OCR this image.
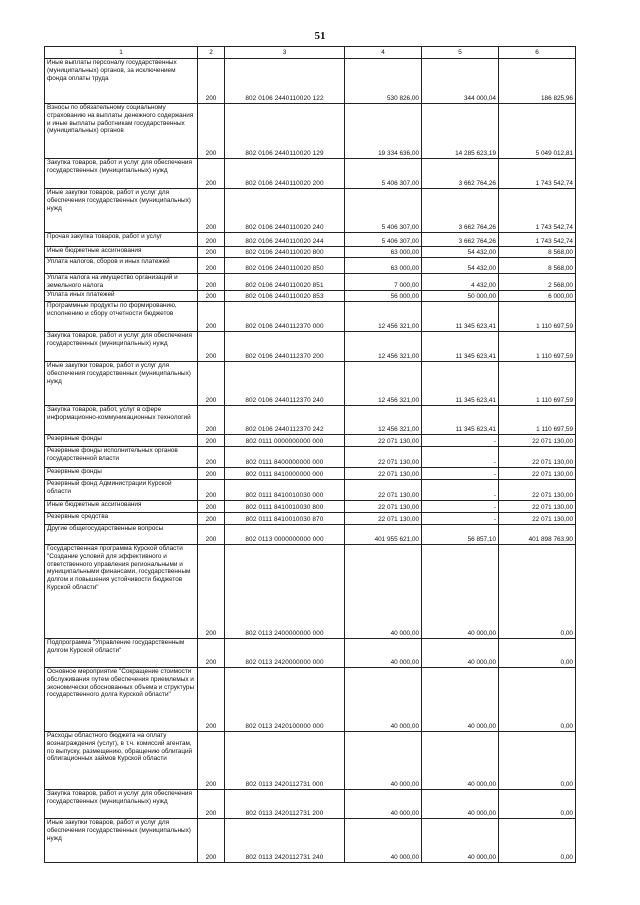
51
1	2	3	4	5	6
Иные выплаты персоналу государственных (муниципальных) органов, за исключением фонда оплаты труда	200	802 0106 2440110020 122	530 826,00	344 000,04	186 825,96
Взносы по обязательному социальному страхованию на выплаты денежного содержания и иные выплаты работникам государственных (муниципальных) органов	200	802 0106 2440110020 129	19 334 636,00	14 285 623,19	5 049 012,81
Закупка товаров, работ и услуг для обеспечения государственных (муниципальных) нужд	200	802 0106 2440110020 200	5 406 307,00	3 662 764,26	1 743 542,74
Иные закупки товаров, работ и услуг для обеспечения государственных (муниципальных) нужд	200	802 0106 2440110020 240	5 406 307,00	3 662 764,26	1 743 542,74
Прочая закупка товаров, работ и услуг	200	802 0106 2440110020 244	5 406 307,00	3 662 764,26	1 743 542,74
Иные бюджетные ассигнования	200	802 0106 2440110020 800	63 000,00	54 432,00	8 568,00
Уплата налогов, сборов и иных платежей	200	802 0106 2440110020 850	63 000,00	54 432,00	8 568,00
Уплата налога на имущество организаций и земельного налога	200	802 0106 2440110020 851	7 000,00	4 432,00	2 568,00
Уплата иных платежей	200	802 0106 2440110020 853	56 000,00	50 000,00	6 000,00
Программные продукты по формированию, исполнению и сбору отчетности бюджетов	200	802 0106 2440112370 000	12 456 321,00	11 345 623,41	1 110 697,59
Закупка товаров, работ и услуг для обеспечения государственных (муниципальных) нужд	200	802 0106 2440112370 200	12 456 321,00	11 345 623,41	1 110 697,59
Иные закупки товаров, работ и услуг для обеспечения государственных (муниципальных) нужд	200	802 0106 2440112370 240	12 456 321,00	11 345 623,41	1 110 697,59
Закупка товаров, работ, услуг в сфере информационно-коммуникационных технологий	200	802 0106 2440112370 242	12 456 321,00	11 345 623,41	1 110 697,59
Резервные фонды	200	802 0111 0000000000 000	22 071 130,00	-	22 071 130,00
Резервные фонды исполнительных органов государственной власти	200	802 0111 8400000000 000	22 071 130,00	-	22 071 130,00
Резервные фонды	200	802 0111 8410000000 000	22 071 130,00	-	22 071 130,00
Резервный фонд Администрации Курской области	200	802 0111 8410010030 000	22 071 130,00	-	22 071 130,00
Иные бюджетные ассигнования	200	802 0111 8410010030 800	22 071 130,00	-	22 071 130,00
Резервные средства	200	802 0111 8410010030 870	22 071 130,00	-	22 071 130,00
Другие общегосударственные вопросы	200	802 0113 0000000000 000	401 955 621,00	56 857,10	401 898 763,90
Государственная программа Курской области "Создание условий для эффективного и ответственного управления региональными и муниципальными финансами, государственным долгом и повышения устойчивости бюджетов Курской области"	200	802 0113 2400000000 000	40 000,00	40 000,00	0,00
Подпрограмма "Управление государственным долгом Курской области"	200	802 0113 2420000000 000	40 000,00	40 000,00	0,00
Основное мероприятие "Сокращение стоимости обслуживания путем обеспечения приемлемых и экономически обоснованных объема и структуры государственного долга Курской области"	200	802 0113 2420100000 000	40 000,00	40 000,00	0,00
Расходы областного бюджета на оплату вознаграждения (услуг), в т.ч. комиссий агентам, по выпуску, размещению, обращению облигаций облигационных займов Курской области	200	802 0113 2420112731 000	40 000,00	40 000,00	0,00
Закупка товаров, работ и услуг для обеспечения государственных (муниципальных) нужд	200	802 0113 2420112731 200	40 000,00	40 000,00	0,00
Иные закупки товаров, работ и услуг для обеспечения государственных (муниципальных) нужд	200	802 0113 2420112731 240	40 000,00	40 000,00	0,00
